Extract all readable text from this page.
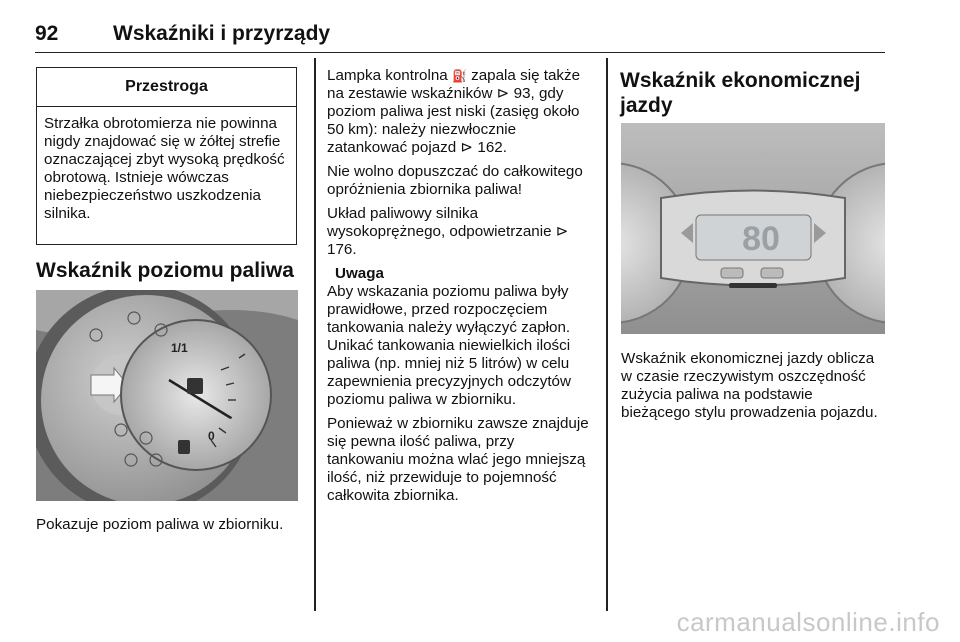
92	Wskaźniki i przyrządy
Przestroga
Strzałka obrotomierza nie powinna nigdy znajdować się w żółtej strefie oznaczającej zbyt wysoką prędkość obrotową. Istnieje wówczas niebezpieczeństwo uszkodzenia silnika.
Wskaźnik poziomu paliwa
1/1
0
Pokazuje poziom paliwa w zbiorniku.

Lampka kontrolna ⛽ zapala się także na zestawie wskaźników ⊳ 93, gdy poziom paliwa jest niski (zasięg około 50 km): należy niezwłocznie zatankować pojazd ⊳ 162.

Nie wolno dopuszczać do całkowitego opróżnienia zbiornika paliwa!

Układ paliwowy silnika wysokoprężnego, odpowietrzanie ⊳ 176.

Uwaga

Aby wskazania poziomu paliwa były prawidłowe, przed rozpoczęciem tankowania należy wyłączyć zapłon. Unikać tankowania niewielkich ilości paliwa (np. mniej niż 5 litrów) w celu zapewnienia precyzyjnych odczytów poziomu paliwa w zbiorniku.

Ponieważ w zbiorniku zawsze znajduje się pewna ilość paliwa, przy tankowaniu można wlać jego mniejszą ilość, niż przewiduje to pojemność całkowita zbiornika.

Wskaźnik ekonomicznej jazdy
80
Wskaźnik ekonomicznej jazdy oblicza w czasie rzeczywistym oszczędność zużycia paliwa na podstawie bieżącego stylu prowadzenia pojazdu.
carmanualsonline.info
